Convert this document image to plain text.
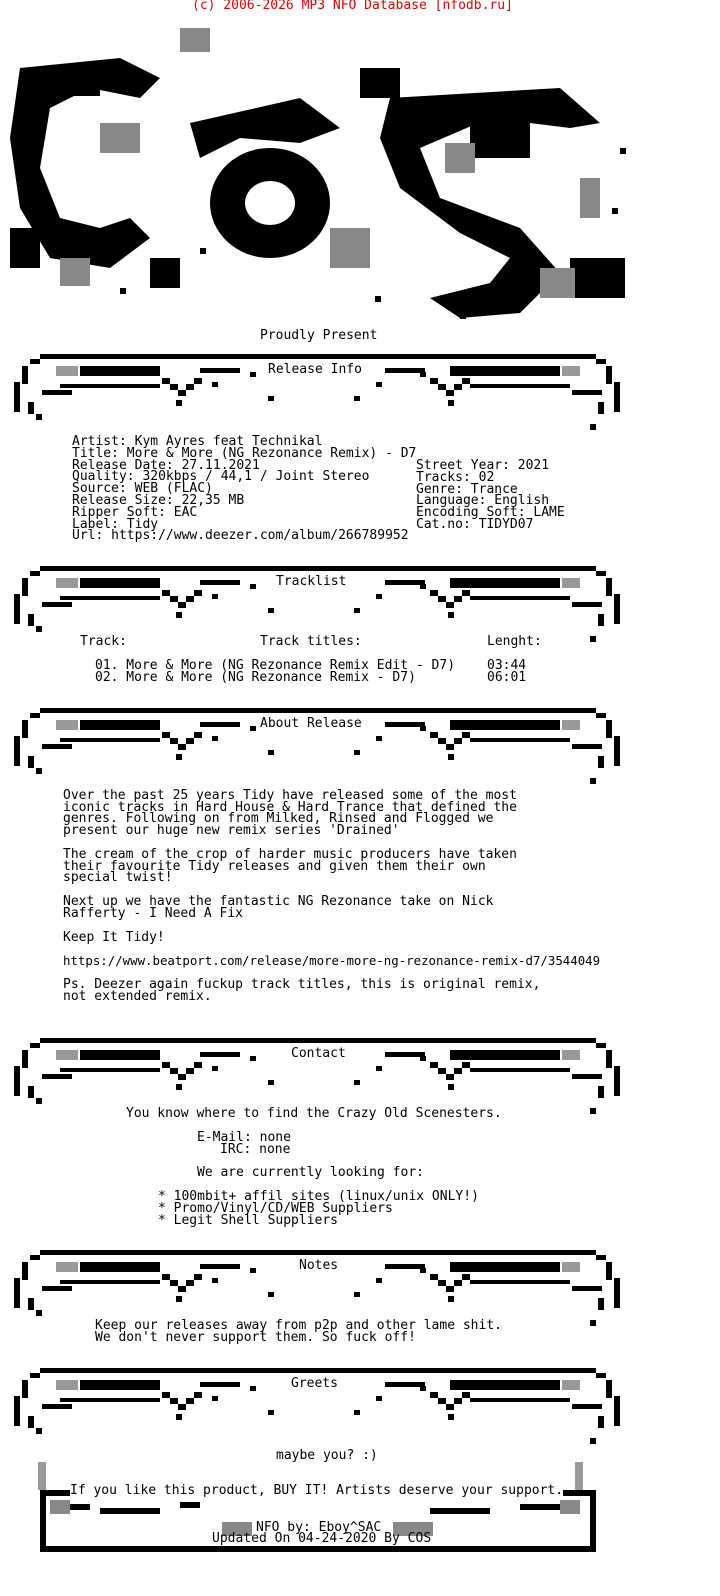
(c) 2006-2026 MP3 NFO Database [nfodb.ru]
Proudly Present
Release Info
Artist: Kym Ayres feat Technikal
Title: More & More (NG Rezonance Remix) - D7
Release Date: 27.11.2021
Quality: 320kbps / 44,1 / Joint Stereo
Source: WEB (FLAC)
Release Size: 22,35 MB
Ripper Soft: EAC
Label: Tidy
Url: https://www.deezer.com/album/266789952
Street Year: 2021
Tracks: 02
Genre: Trance
Language: English
Encoding Soft: LAME
Cat.no: TIDYD07
Tracklist
Track:	Track titles:	Lenght:
01. More & More (NG Rezonance Remix Edit - D7) 03:44
02. More & More (NG Rezonance Remix - D7)	06:01
About Release
Over the past 25 years Tidy have released some of the most
iconic tracks in Hard House & Hard Trance that defined the
genres. Following on from Milked, Rinsed and Flogged we
present our huge new remix series 'Drained'
The cream of the crop of harder music producers have taken
their favourite Tidy releases and given them their own
special twist!
Next up we have the fantastic NG Rezonance take on Nick
Rafferty - I Need A Fix
Keep It Tidy!
https://www.beatport.com/release/more-more-ng-rezonance-remix-d7/3544049
Ps. Deezer again fuckup track titles, this is original remix,
not extended remix.
Contact
You know where to find the Crazy Old Scenesters.
E-Mail: none
IRC: none
We are currently looking for:
* 100mbit+ affil sites (linux/unix ONLY!)
* Promo/Vinyl/CD/WEB Suppliers
* Legit Shell Suppliers
Notes
Keep our releases away from p2p and other lame shit.
We don't never support them. So fuck off!
Greets
maybe you? :)
If you like this product, BUY IT! Artists deserve your support.
NFO by: Eboy^SAC
Updated On 04-24-2020 By COS
